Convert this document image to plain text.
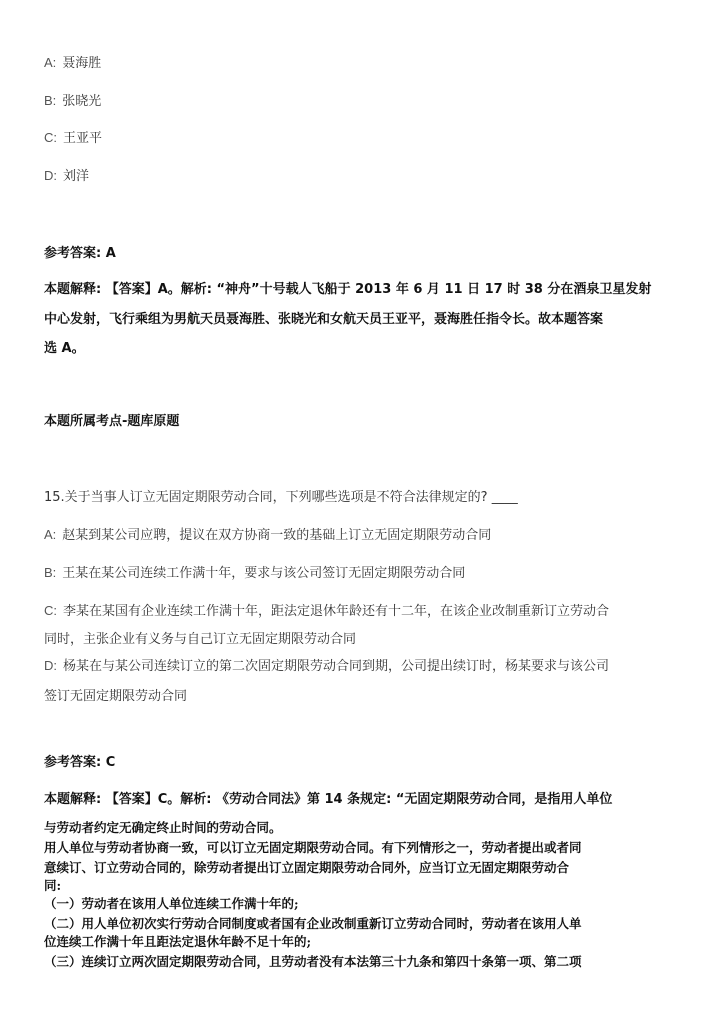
A: 聂海胜
B: 张晓光
C: 王亚平
D: 刘洋
参考答案: A
本题解释: 【答案】A。解析: “神舟”十号载人飞船于 2013 年 6 月 11 日 17 时 38 分在酒泉卫星发射
中心发射，飞行乘组为男航天员聂海胜、张晓光和女航天员王亚平，聂海胜任指令长。故本题答案
选 A。
本题所属考点-题库原题
15.关于当事人订立无固定期限劳动合同，下列哪些选项是不符合法律规定的? ____
A: 赵某到某公司应聘，提议在双方协商一致的基础上订立无固定期限劳动合同
B: 王某在某公司连续工作满十年，要求与该公司签订无固定期限劳动合同
C: 李某在某国有企业连续工作满十年，距法定退休年龄还有十二年，在该企业改制重新订立劳动合
同时，主张企业有义务与自己订立无固定期限劳动合同
D: 杨某在与某公司连续订立的第二次固定期限劳动合同到期，公司提出续订时，杨某要求与该公司
签订无固定期限劳动合同
参考答案: C
本题解释: 【答案】C。解析: 《劳动合同法》第 14 条规定: “无固定期限劳动合同，是指用人单位
与劳动者约定无确定终止时间的劳动合同。
用人单位与劳动者协商一致，可以订立无固定期限劳动合同。有下列情形之一，劳动者提出或者同
意续订、订立劳动合同的，除劳动者提出订立固定期限劳动合同外，应当订立无固定期限劳动合
同:
（一）劳动者在该用人单位连续工作满十年的;
（二）用人单位初次实行劳动合同制度或者国有企业改制重新订立劳动合同时，劳动者在该用人单
位连续工作满十年且距法定退休年龄不足十年的;
（三）连续订立两次固定期限劳动合同，且劳动者没有本法第三十九条和第四十条第一项、第二项
